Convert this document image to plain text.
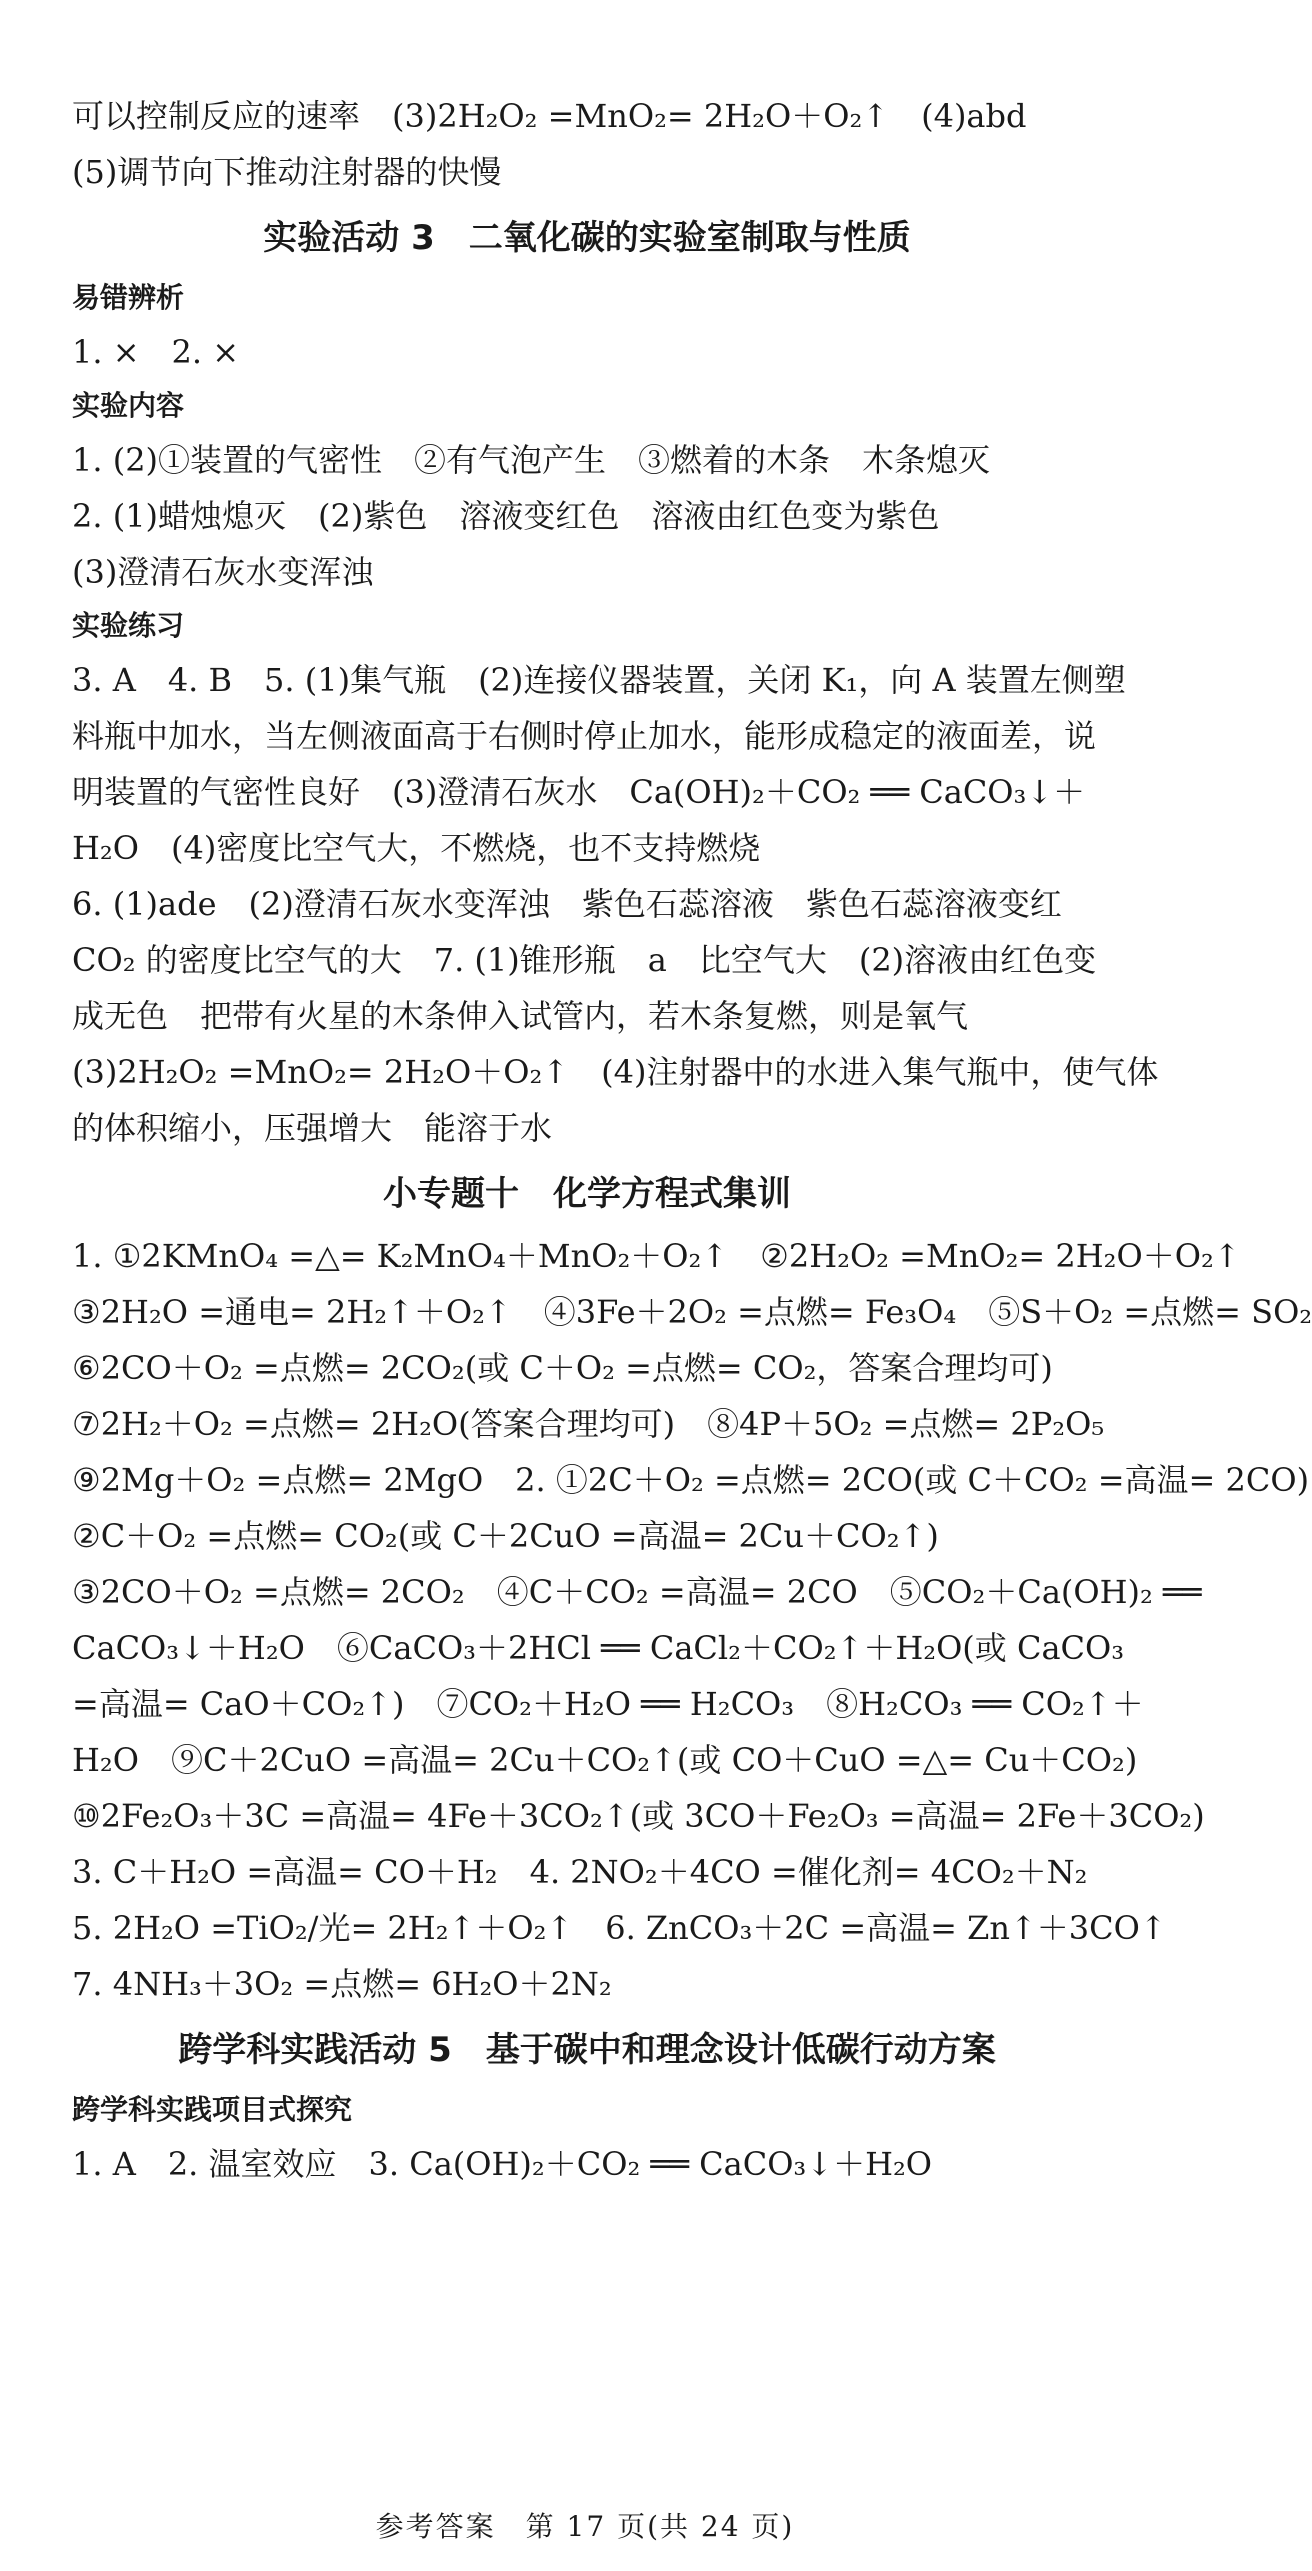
可以控制反应的速率　(3)2H₂O₂ =MnO₂= 2H₂O＋O₂↑　(4)abd
(5)调节向下推动注射器的快慢
实验活动 3　二氧化碳的实验室制取与性质
易错辨析
1. ×　2. ×
实验内容
1. (2)①装置的气密性　②有气泡产生　③燃着的木条　木条熄灭
2. (1)蜡烛熄灭　(2)紫色　溶液变红色　溶液由红色变为紫色
(3)澄清石灰水变浑浊
实验练习
3. A　4. B　5. (1)集气瓶　(2)连接仪器装置，关闭 K₁，向 A 装置左侧塑
料瓶中加水，当左侧液面高于右侧时停止加水，能形成稳定的液面差，说
明装置的气密性良好　(3)澄清石灰水　Ca(OH)₂＋CO₂ ══ CaCO₃↓＋
H₂O　(4)密度比空气大，不燃烧，也不支持燃烧
6. (1)ade　(2)澄清石灰水变浑浊　紫色石蕊溶液　紫色石蕊溶液变红
CO₂ 的密度比空气的大　7. (1)锥形瓶　a　比空气大　(2)溶液由红色变
成无色　把带有火星的木条伸入试管内，若木条复燃，则是氧气
(3)2H₂O₂ =MnO₂= 2H₂O＋O₂↑　(4)注射器中的水进入集气瓶中，使气体
的体积缩小，压强增大　能溶于水
小专题十　化学方程式集训
1. ①2KMnO₄ =△= K₂MnO₄＋MnO₂＋O₂↑　②2H₂O₂ =MnO₂= 2H₂O＋O₂↑
③2H₂O =通电= 2H₂↑＋O₂↑　④3Fe＋2O₂ =点燃= Fe₃O₄　⑤S＋O₂ =点燃= SO₂
⑥2CO＋O₂ =点燃= 2CO₂(或 C＋O₂ =点燃= CO₂，答案合理均可)
⑦2H₂＋O₂ =点燃= 2H₂O(答案合理均可)　⑧4P＋5O₂ =点燃= 2P₂O₅
⑨2Mg＋O₂ =点燃= 2MgO　2. ①2C＋O₂ =点燃= 2CO(或 C＋CO₂ =高温= 2CO)
②C＋O₂ =点燃= CO₂(或 C＋2CuO =高温= 2Cu＋CO₂↑)
③2CO＋O₂ =点燃= 2CO₂　④C＋CO₂ =高温= 2CO　⑤CO₂＋Ca(OH)₂ ══
CaCO₃↓＋H₂O　⑥CaCO₃＋2HCl ══ CaCl₂＋CO₂↑＋H₂O(或 CaCO₃
=高温= CaO＋CO₂↑)　⑦CO₂＋H₂O ══ H₂CO₃　⑧H₂CO₃ ══ CO₂↑＋
H₂O　⑨C＋2CuO =高温= 2Cu＋CO₂↑(或 CO＋CuO =△= Cu＋CO₂)
⑩2Fe₂O₃＋3C =高温= 4Fe＋3CO₂↑(或 3CO＋Fe₂O₃ =高温= 2Fe＋3CO₂)
3. C＋H₂O =高温= CO＋H₂　4. 2NO₂＋4CO =催化剂= 4CO₂＋N₂
5. 2H₂O =TiO₂/光= 2H₂↑＋O₂↑　6. ZnCO₃＋2C =高温= Zn↑＋3CO↑
7. 4NH₃＋3O₂ =点燃= 6H₂O＋2N₂
跨学科实践活动 5　基于碳中和理念设计低碳行动方案
跨学科实践项目式探究
1. A　2. 温室效应　3. Ca(OH)₂＋CO₂ ══ CaCO₃↓＋H₂O
参考答案　第 17 页(共 24 页)
